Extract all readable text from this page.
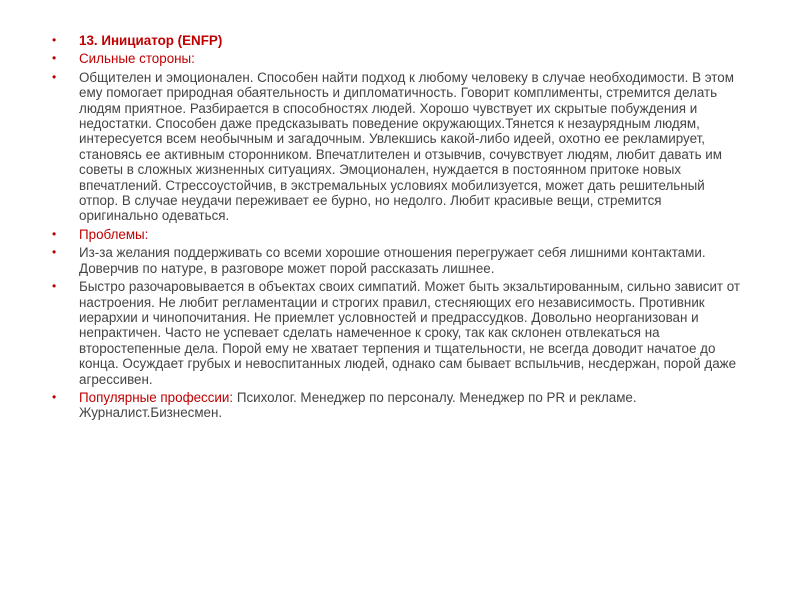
• 13. Инициатор (ENFP)
• Сильные стороны:
• Общителен и эмоционален. Способен найти подход к любому человеку в случае необходимости. В этом ему помогает природная обаятельность и дипломатичность. Говорит комплименты, стремится делать людям приятное. Разбирается в способностях людей. Хорошо чувствует их скрытые побуждения и недостатки. Способен даже предсказывать поведение окружающих.Тянется к незаурядным людям, интересуется всем необычным и загадочным. Увлекшись какой-либо идеей, охотно ее рекламирует, становясь ее активным сторонником. Впечатлителен и отзывчив, сочувствует людям, любит давать им советы в сложных жизненных ситуациях. Эмоционален, нуждается в постоянном притоке новых впечатлений. Стрессоустойчив, в экстремальных условиях мобилизуется, может дать решительный отпор. В случае неудачи переживает ее бурно, но недолго. Любит красивые вещи, стремится оригинально одеваться.
• Проблемы:
• Из-за желания поддерживать со всеми хорошие отношения перегружает себя лишними контактами. Доверчив по натуре, в разговоре может порой рассказать лишнее.
• Быстро разочаровывается в объектах своих симпатий. Может быть экзальтированным, сильно зависит от настроения. Не любит регламентации и строгих правил, стесняющих его независимость. Противник иерархии и чинопочитания. Не приемлет условностей и предрассудков. Довольно неорганизован и непрактичен. Часто не успевает сделать намеченное к сроку, так как склонен отвлекаться на второстепенные дела. Порой ему не хватает терпения и тщательности, не всегда доводит начатое до конца. Осуждает грубых и невоспитанных людей, однако сам бывает вспыльчив, несдержан, порой даже агрессивен.
• Популярные профессии: Психолог. Менеджер по персоналу. Менеджер по PR и рекламе. Журналист.Бизнесмен.
